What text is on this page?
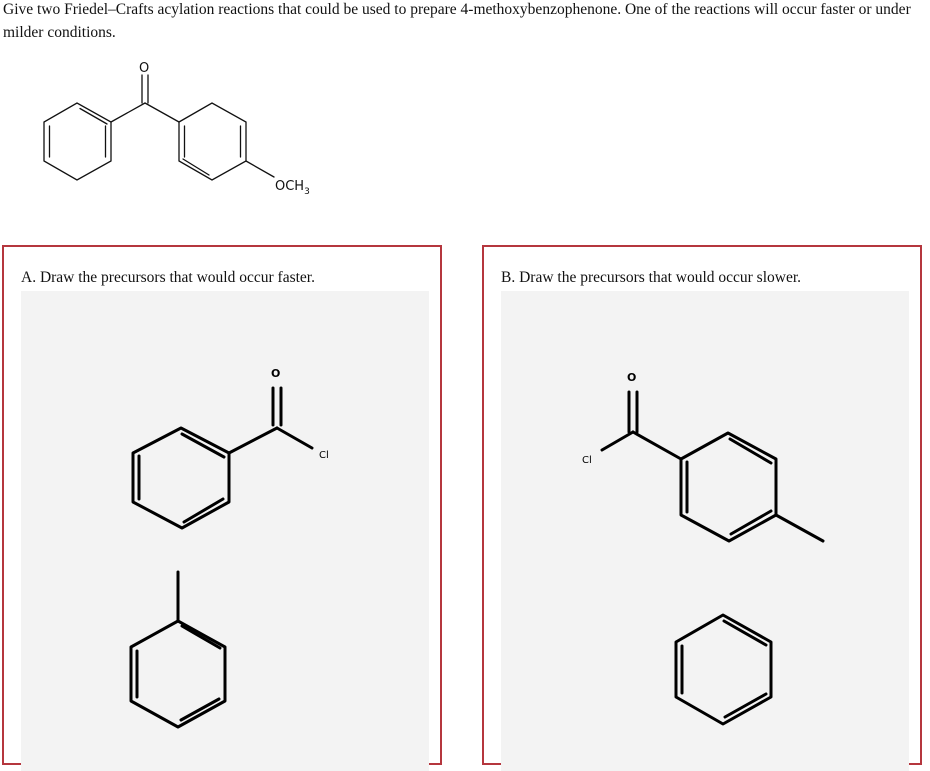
Give two Friedel–Crafts acylation reactions that could be used to prepare 4-methoxybenzophenone. One of the reactions will occur faster or under milder conditions.

O
$OCH_3$
A. Draw the precursors that would occur faster.
O
Cl
B. Draw the precursors that would occur slower.
O
Cl
